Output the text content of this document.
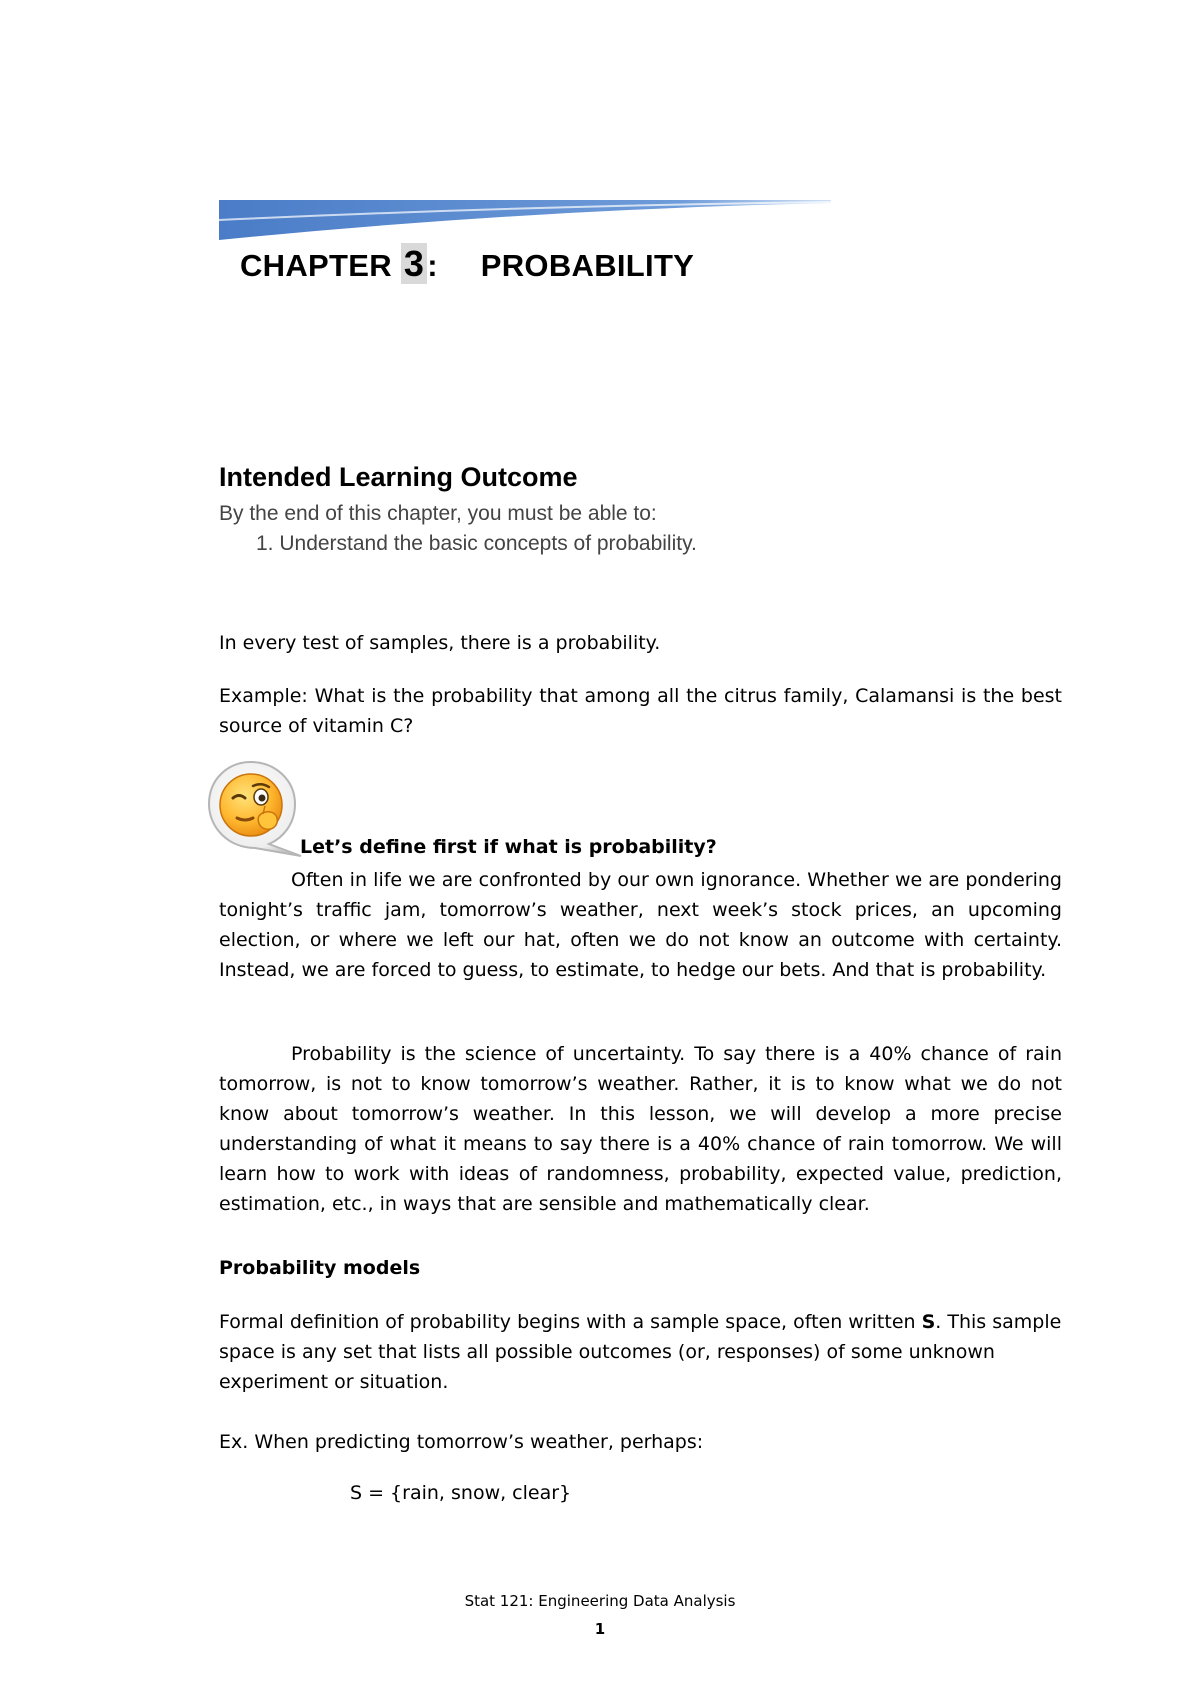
CHAPTER 3: PROBABILITY
Intended Learning Outcome
By the end of this chapter, you must be able to:
1. Understand the basic concepts of probability.

In every test of samples, there is a probability.

Example: What is the probability that among all the citrus family, Calamansi is the best source of vitamin C?

Let’s define first if what is probability?

Often in life we are confronted by our own ignorance. Whether we are pondering tonight’s traffic jam, tomorrow’s weather, next week’s stock prices, an upcoming election, or where we left our hat, often we do not know an outcome with certainty. Instead, we are forced to guess, to estimate, to hedge our bets. And that is probability.

Probability is the science of uncertainty. To say there is a 40% chance of rain tomorrow, is not to know tomorrow’s weather. Rather, it is to know what we do not know about tomorrow’s weather. In this lesson, we will develop a more precise understanding of what it means to say there is a 40% chance of rain tomorrow. We will learn how to work with ideas of randomness, probability, expected value, prediction, estimation, etc., in ways that are sensible and mathematically clear.

Probability models

Formal definition of probability begins with a sample space, often written S. This sample space is any set that lists all possible outcomes (or, responses) of some unknown experiment or situation.

Ex. When predicting tomorrow’s weather, perhaps:

S = {rain, snow, clear}
Stat 121: Engineering Data Analysis
1
